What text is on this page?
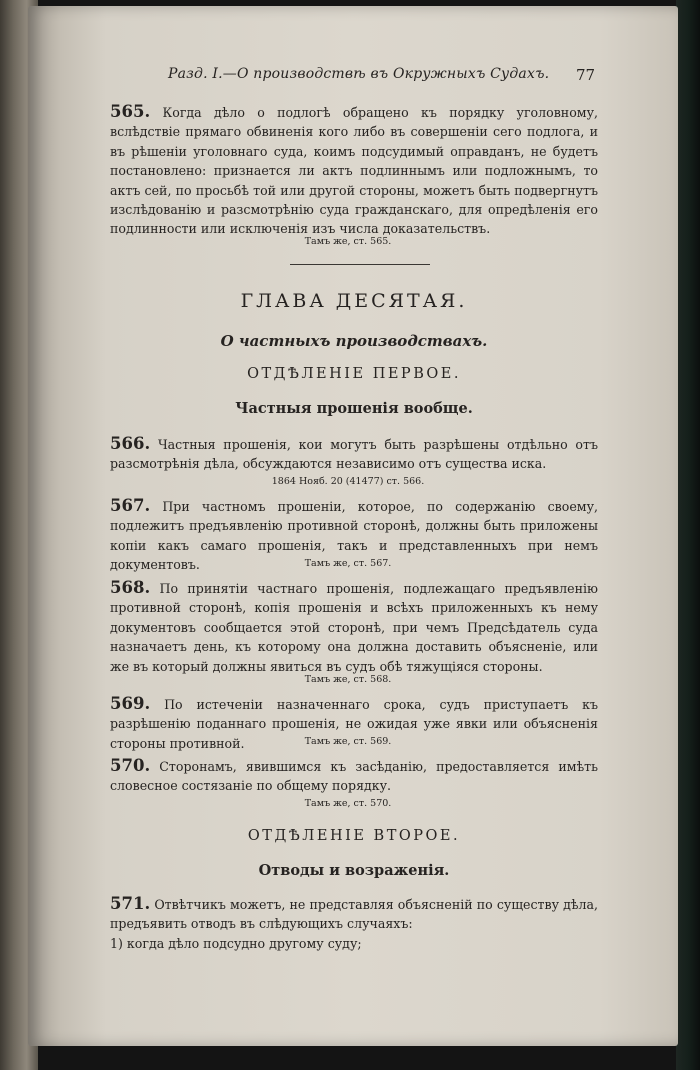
Разд. I.—О производствѣ въ Окружныхъ Судахъ.	77
565. Когда дѣло о подлогѣ обращено къ порядку уголовному, вслѣдствіе прямаго обвиненія кого либо въ совершеніи сего подлога, и въ рѣшеніи уголовнаго суда, коимъ подсудимый оправданъ, не будетъ постановлено: признается ли актъ подлиннымъ или подложнымъ, то актъ сей, по просьбѣ той или другой стороны, можетъ быть подвергнутъ изслѣдованію и разсмотрѣнію суда гражданскаго, для опредѣленія его подлинности или исключенія изъ числа доказательствъ.
Тамъ же, ст. 565.
ГЛАВА ДЕСЯТАЯ.
О частныхъ производствахъ.
ОТДѢЛЕНІЕ ПЕРВОЕ.
Частныя прошенія вообще.
566. Частныя прошенія, кои могутъ быть разрѣшены отдѣльно отъ разсмотрѣнія дѣла, обсуждаются независимо отъ существа иска.
1864 Нояб. 20 (41477) ст. 566.
567. При частномъ прошеніи, которое, по содержанію своему, подлежитъ предъявленію противной сторонѣ, должны быть приложены копіи какъ самаго прошенія, такъ и представленныхъ при немъ документовъ.	Тамъ же, ст. 567.
568. По принятіи частнаго прошенія, подлежащаго предъявленію противной сторонѣ, копія прошенія и всѣхъ приложенныхъ къ нему документовъ сообщается этой сторонѣ, при чемъ Предсѣдатель суда назначаетъ день, къ которому она должна доставить объясненіе, или же въ который должны явиться въ судъ обѣ тяжущіяся стороны.
Тамъ же, ст. 568.
569. По истеченіи назначеннаго срока, судъ приступаетъ къ разрѣшенію поданнаго прошенія, не ожидая уже явки или объясненія стороны противной.	Тамъ же, ст. 569.
570. Сторонамъ, явившимся къ засѣданію, предоставляется имѣть словесное состязаніе по общему порядку.
Тамъ же, ст. 570.
ОТДѢЛЕНІЕ ВТОРОЕ.
Отводы и возраженія.
571. Отвѣтчикъ можетъ, не представляя объясненій по существу дѣла, предъявить отводъ въ слѣдующихъ случаяхъ:
1) когда дѣло подсудно другому суду;
